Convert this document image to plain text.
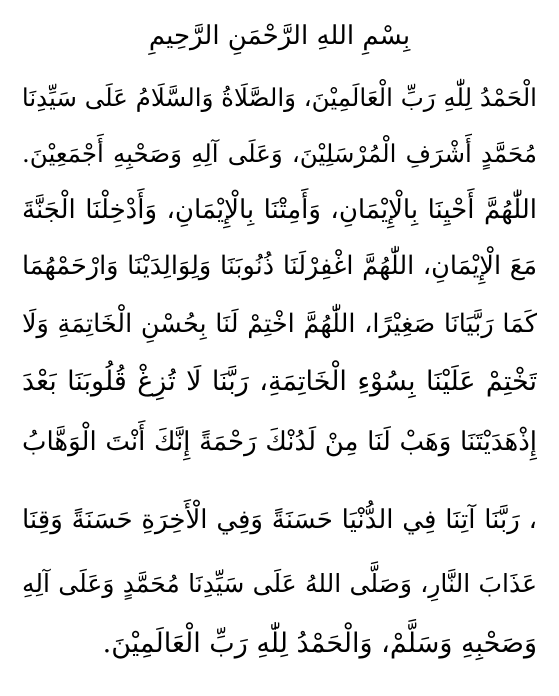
بِسْمِ اللهِ الرَّحْمَنِ الرَّحِيمِ
الْحَمْدُ لِلّٰهِ رَبِّ الْعَالَمِيْنَ، وَالصَّلَاةُ وَالسَّلَامُ عَلَى سَيِّدِنَا
مُحَمَّدٍ أَشْرَفِ الْمُرْسَلِيْنَ، وَعَلَى آلِهِ وَصَحْبِهِ أَجْمَعِيْنَ.
اللّٰهُمَّ أَحْيِنَا بِالْإِيْمَانِ، وَأَمِتْنَا بِالْإِيْمَانِ، وَأَدْخِلْنَا الْجَنَّةَ
مَعَ الْإِيْمَانِ، اللّٰهُمَّ اغْفِرْلَنَا ذُنُوبَنَا وَلِوَالِدَيْنَا وَارْحَمْهُمَا
كَمَا رَبَّيَانَا صَغِيْرًا، اللّٰهُمَّ اخْتِمْ لَنَا بِحُسْنِ الْخَاتِمَةِ وَلَا
تَخْتِمْ عَلَيْنَا بِسُوْءِ الْخَاتِمَةِ، رَبَّنَا لَا تُزِغْ قُلُوبَنَا بَعْدَ
إِذْهَدَيْتَنَا وَهَبْ لَنَا مِنْ لَدُنْكَ رَحْمَةً إِنَّكَ أَنْتَ الْوَهَّابُ
، رَبَّنَا آتِنَا فِي الدُّنْيَا حَسَنَةً وَفِي الْأَخِرَةِ حَسَنَةً وَقِنَا
عَذَابَ النَّارِ، وَصَلَّى اللهُ عَلَى سَيِّدِنَا مُحَمَّدٍ وَعَلَى آلِهِ
وَصَحْبِهِ وَسَلَّمْ، وَالْحَمْدُ لِلّٰهِ رَبِّ الْعَالَمِيْنَ.
